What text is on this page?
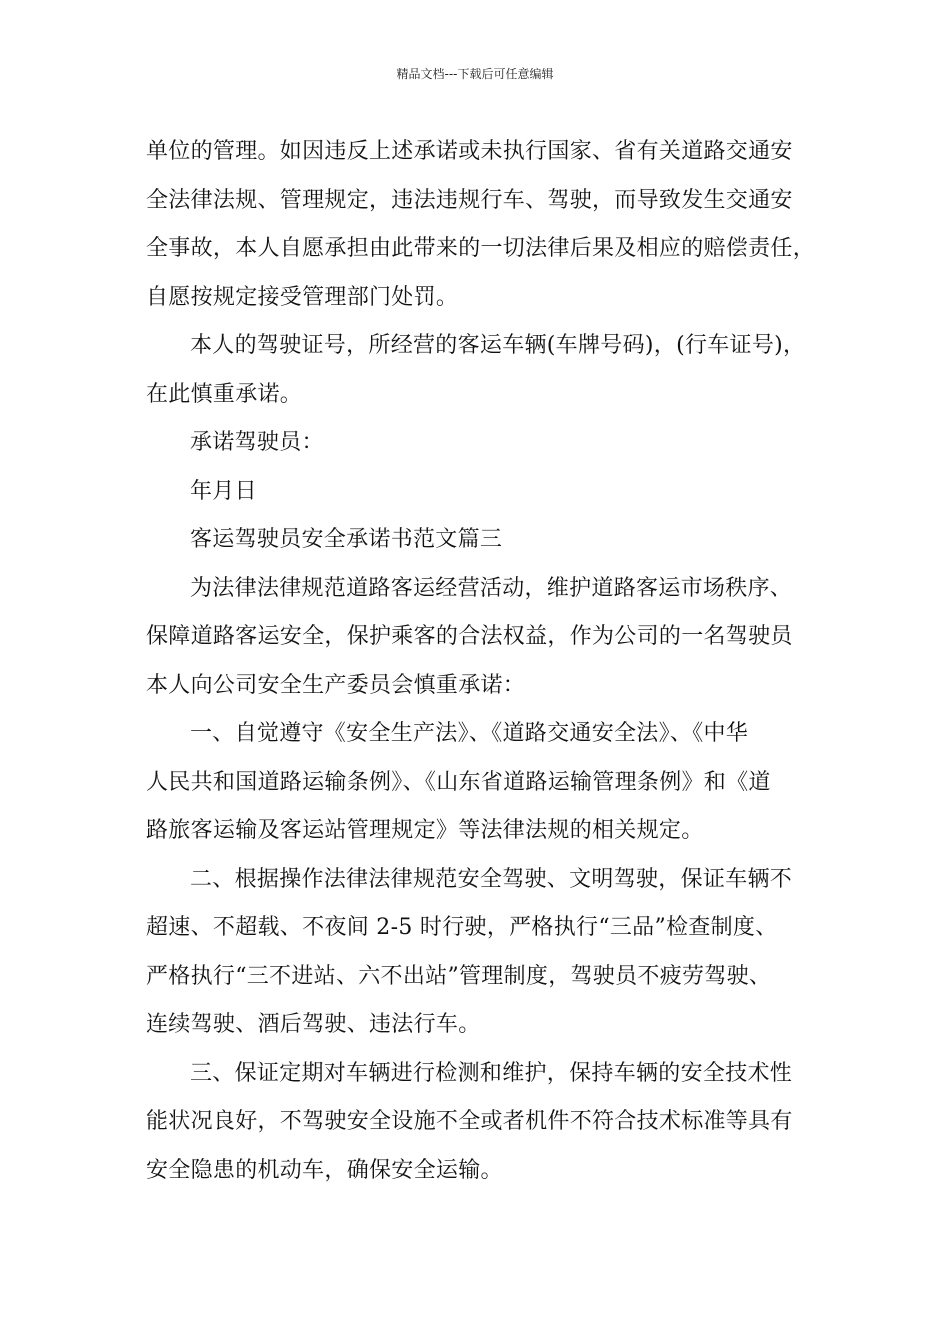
精品文档---下载后可任意编辑

单位的管理。如因违反上述承诺或未执行国家、省有关道路交通安
全法律法规、管理规定，违法违规行车、驾驶，而导致发生交通安
全事故，本人自愿承担由此带来的一切法律后果及相应的赔偿责任，
自愿按规定接受管理部门处罚。

本人的驾驶证号，所经营的客运车辆(车牌号码)，(行车证号)，
在此慎重承诺。

承诺驾驶员：

年月日

客运驾驶员安全承诺书范文篇三

为法律法律规范道路客运经营活动，维护道路客运市场秩序、
保障道路客运安全，保护乘客的合法权益，作为公司的一名驾驶员
本人向公司安全生产委员会慎重承诺：

一、自觉遵守《安全生产法》、《道路交通安全法》、《中华
人民共和国道路运输条例》、《山东省道路运输管理条例》和《道
路旅客运输及客运站管理规定》等法律法规的相关规定。

二、根据操作法律法律规范安全驾驶、文明驾驶，保证车辆不
超速、不超载、不夜间 2-5 时行驶，严格执行“三品”检查制度、
严格执行“三不进站、六不出站”管理制度，驾驶员不疲劳驾驶、
连续驾驶、酒后驾驶、违法行车。

三、保证定期对车辆进行检测和维护，保持车辆的安全技术性
能状况良好，不驾驶安全设施不全或者机件不符合技术标准等具有
安全隐患的机动车，确保安全运输。
